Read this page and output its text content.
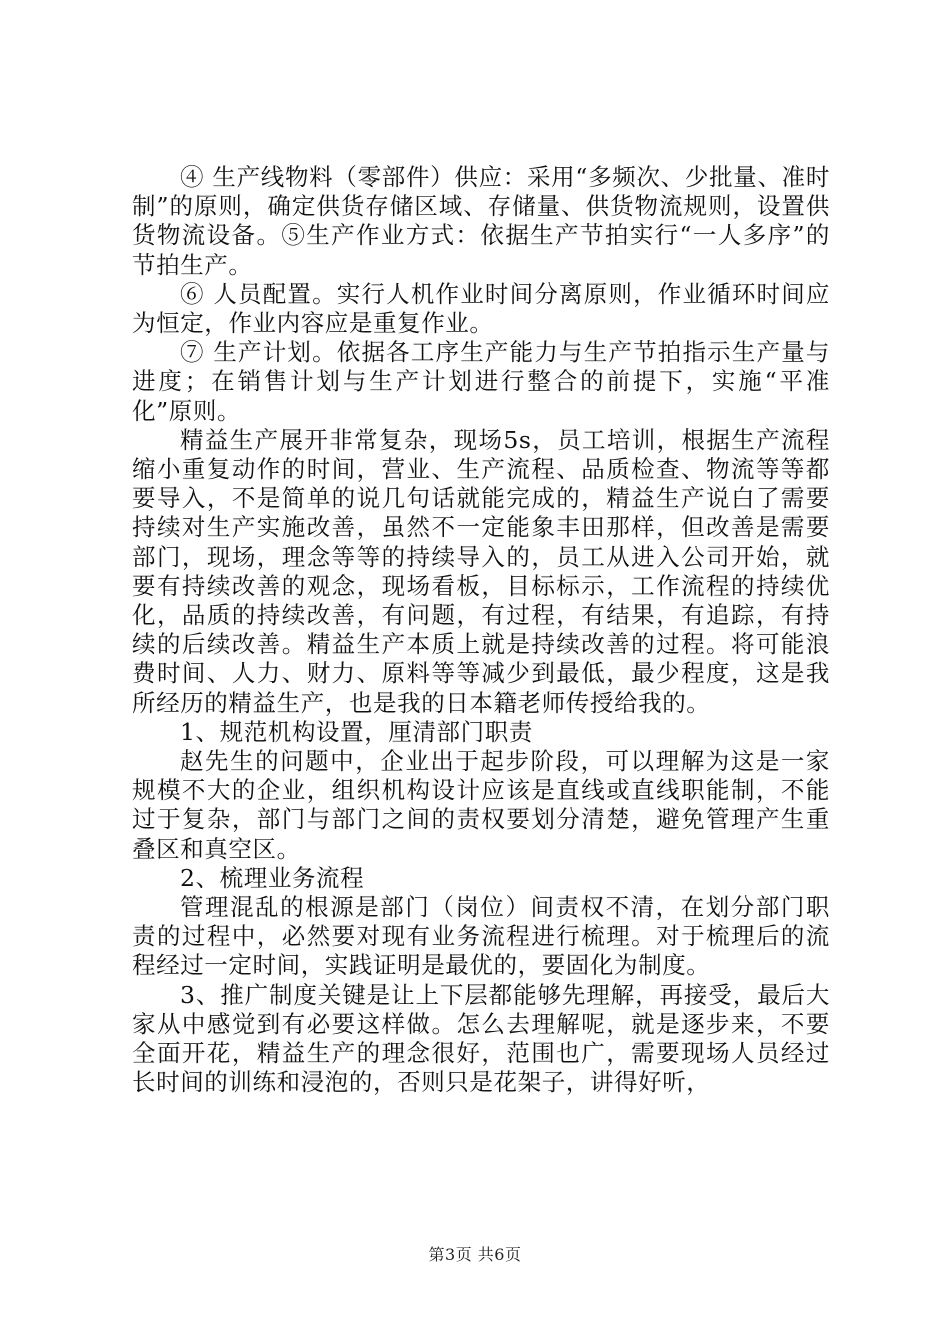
④ 生产线物料（零部件）供应：采用“多频次、少批量、准时制”的原则，确定供货存储区域、存储量、供货物流规则，设置供货物流设备。⑤生产作业方式：依据生产节拍实行“一人多序”的节拍生产。

⑥ 人员配置。实行人机作业时间分离原则，作业循环时间应为恒定，作业内容应是重复作业。

⑦ 生产计划。依据各工序生产能力与生产节拍指示生产量与进度；在销售计划与生产计划进行整合的前提下，实施“平准化”原则。

精益生产展开非常复杂，现场5s，员工培训，根据生产流程缩小重复动作的时间，营业、生产流程、品质检查、物流等等都要导入，不是简单的说几句话就能完成的，精益生产说白了需要持续对生产实施改善，虽然不一定能象丰田那样，但改善是需要部门，现场，理念等等的持续导入的，员工从进入公司开始，就要有持续改善的观念，现场看板，目标标示，工作流程的持续优化，品质的持续改善，有问题，有过程，有结果，有追踪，有持续的后续改善。精益生产本质上就是持续改善的过程。将可能浪费时间、人力、财力、原料等等减少到最低，最少程度，这是我所经历的精益生产，也是我的日本籍老师传授给我的。

1、规范机构设置，厘清部门职责

赵先生的问题中，企业出于起步阶段，可以理解为这是一家规模不大的企业，组织机构设计应该是直线或直线职能制，不能过于复杂，部门与部门之间的责权要划分清楚，避免管理产生重叠区和真空区。

2、梳理业务流程

管理混乱的根源是部门（岗位）间责权不清，在划分部门职责的过程中，必然要对现有业务流程进行梳理。对于梳理后的流程经过一定时间，实践证明是最优的，要固化为制度。

3、推广制度关键是让上下层都能够先理解，再接受，最后大家从中感觉到有必要这样做。怎么去理解呢，就是逐步来，不要全面开花，精益生产的理念很好，范围也广，需要现场人员经过长时间的训练和浸泡的，否则只是花架子，讲得好听，

第3页 共6页
